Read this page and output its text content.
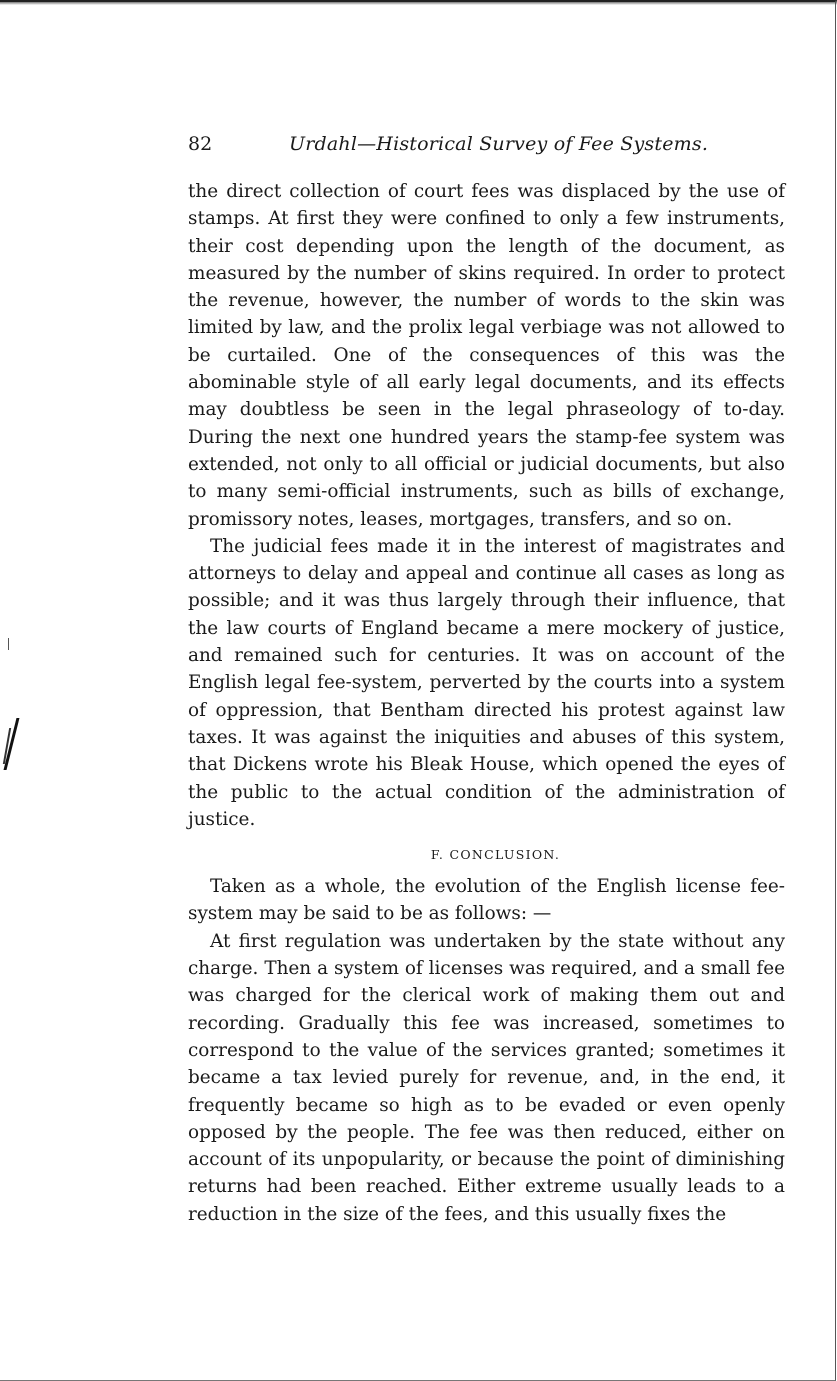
82	Urdahl—Historical Survey of Fee Systems.

the direct collection of court fees was displaced by the use of stamps. At first they were confined to only a few instruments, their cost depending upon the length of the document, as measured by the number of skins required. In order to protect the revenue, however, the number of words to the skin was limited by law, and the prolix legal verbiage was not allowed to be curtailed. One of the consequences of this was the abominable style of all early legal documents, and its effects may doubtless be seen in the legal phraseology of to-day. During the next one hundred years the stamp-fee system was extended, not only to all official or judicial documents, but also to many semi-official instruments, such as bills of exchange, promissory notes, leases, mortgages, transfers, and so on.

The judicial fees made it in the interest of magistrates and attorneys to delay and appeal and continue all cases as long as possible; and it was thus largely through their influence, that the law courts of England became a mere mockery of justice, and remained such for centuries. It was on account of the English legal fee-system, perverted by the courts into a system of oppression, that Bentham directed his protest against law taxes. It was against the iniquities and abuses of this system, that Dickens wrote his Bleak House, which opened the eyes of the public to the actual condition of the administration of justice.

F. CONCLUSION.

Taken as a whole, the evolution of the English license fee-system may be said to be as follows: —

At first regulation was undertaken by the state without any charge. Then a system of licenses was required, and a small fee was charged for the clerical work of making them out and recording. Gradually this fee was increased, sometimes to correspond to the value of the services granted; sometimes it became a tax levied purely for revenue, and, in the end, it frequently became so high as to be evaded or even openly opposed by the people. The fee was then reduced, either on account of its unpopularity, or because the point of diminishing returns had been reached. Either extreme usually leads to a reduction in the size of the fees, and this usually fixes the
